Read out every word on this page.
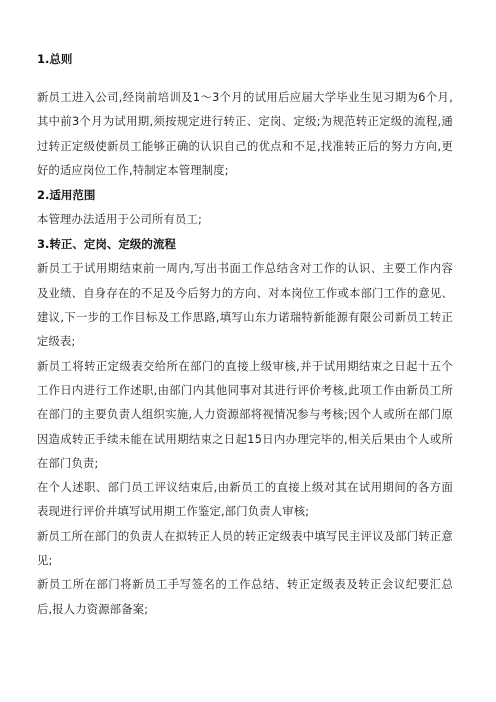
1.总则

新员工进入公司,经岗前培训及1～3个月的试用后应届大学毕业生见习期为6个月,其中前3个月为试用期,须按规定进行转正、定岗、定级;为规范转正定级的流程,通过转正定级使新员工能够正确的认识自己的优点和不足,找准转正后的努力方向,更好的适应岗位工作,特制定本管理制度;

2.适用范围

本管理办法适用于公司所有员工;

3.转正、定岗、定级的流程

新员工于试用期结束前一周内,写出书面工作总结含对工作的认识、主要工作内容及业绩、自身存在的不足及今后努力的方向、对本岗位工作或本部门工作的意见、建议,下一步的工作目标及工作思路,填写山东力诺瑞特新能源有限公司新员工转正定级表;

新员工将转正定级表交给所在部门的直接上级审核,并于试用期结束之日起十五个工作日内进行工作述职,由部门内其他同事对其进行评价考核,此项工作由新员工所在部门的主要负责人组织实施,人力资源部将视情况参与考核;因个人或所在部门原因造成转正手续未能在试用期结束之日起15日内办理完毕的,相关后果由个人或所在部门负责;

在个人述职、部门员工评议结束后,由新员工的直接上级对其在试用期间的各方面表现进行评价并填写试用期工作鉴定,部门负责人审核;

新员工所在部门的负责人在拟转正人员的转正定级表中填写民主评议及部门转正意见;

新员工所在部门将新员工手写签名的工作总结、转正定级表及转正会议纪要汇总后,报人力资源部备案;
